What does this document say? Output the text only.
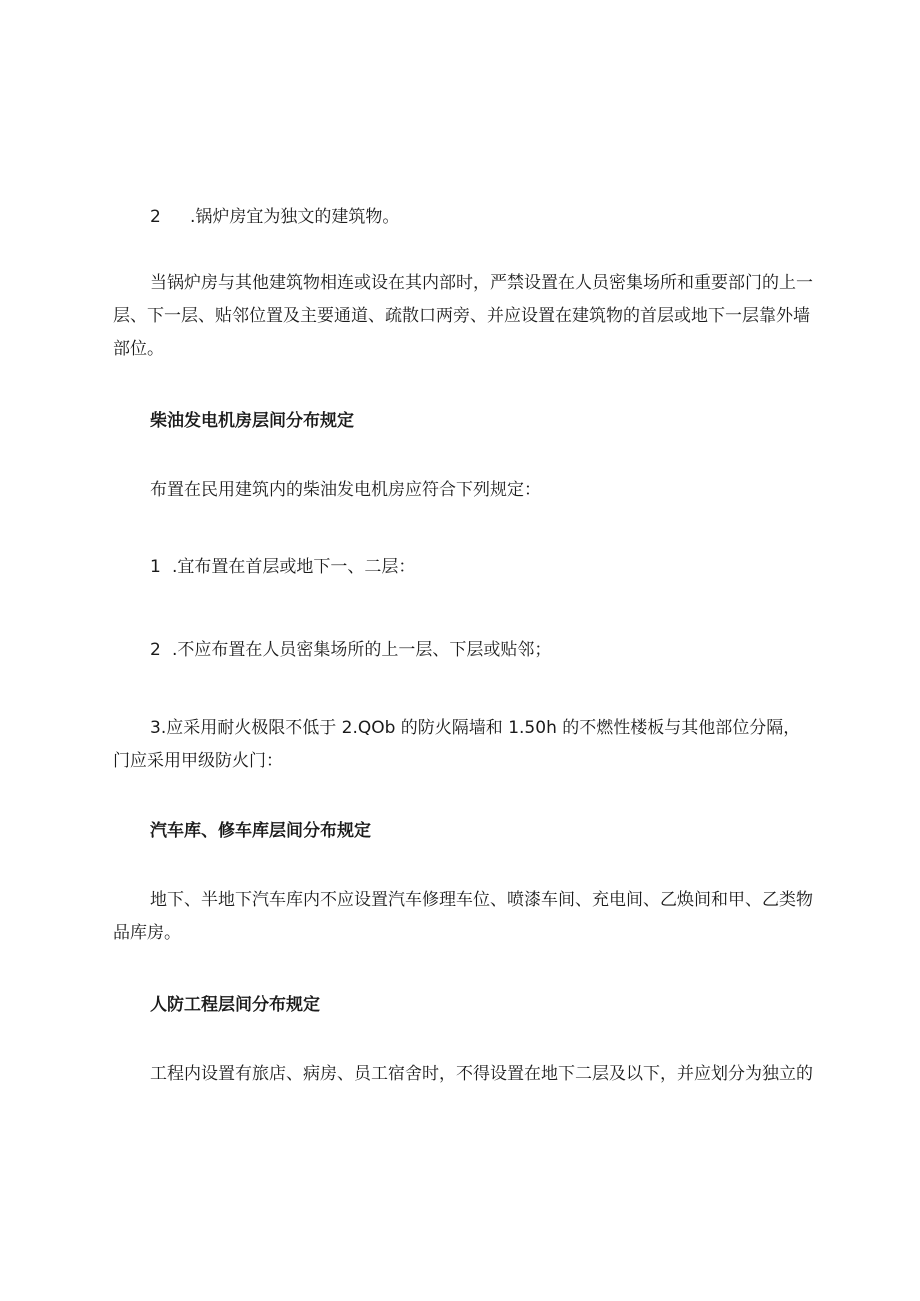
2 .锅炉房宜为独文的建筑物。

当锅炉房与其他建筑物相连或设在其内部时，严禁设置在人员密集场所和重要部门的上一层、下一层、贴邻位置及主要通道、疏散口两旁、并应设置在建筑物的首层或地下一层靠外墙部位。

柴油发电机房层间分布规定

布置在民用建筑内的柴油发电机房应符合下列规定：

1 .宜布置在首层或地下一、二层：

2 .不应布置在人员密集场所的上一层、下层或贴邻；

3.应采用耐火极限不低于 2.QOb 的防火隔墙和 1.50h 的不燃性楼板与其他部位分隔，门应采用甲级防火门：

汽车库、修车库层间分布规定

地下、半地下汽车库内不应设置汽车修理车位、喷漆车间、充电间、乙焕间和甲、乙类物品库房。

人防工程层间分布规定

工程内设置有旅店、病房、员工宿舍时，不得设置在地下二层及以下，并应划分为独立的
